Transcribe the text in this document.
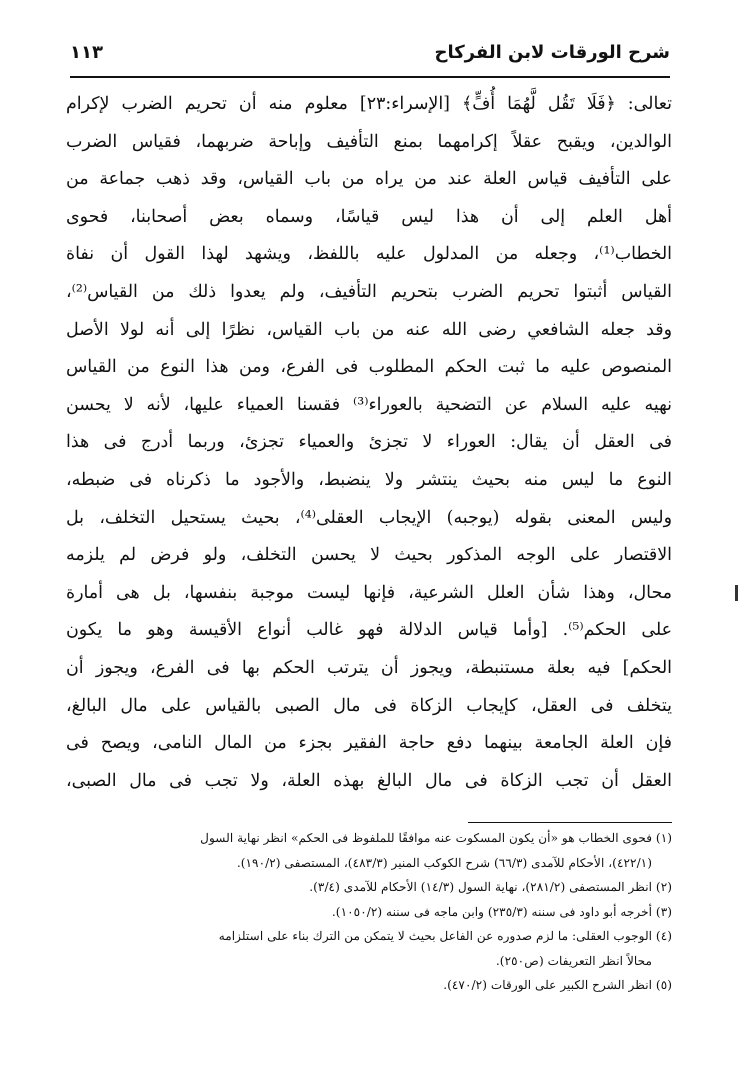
شرح الورقات لابن الفركاح
١١٣
تعالى: ﴿فَلَا تَقُل لَّهُمَا أُفٍّ﴾ [الإسراء:٢٣] معلوم منه أن تحريم الضرب لإكرام
الوالدين، ويقبح عقلاً إكرامهما بمنع التأفيف وإباحة ضربهما، فقياس الضرب
على التأفيف قياس العلة عند من يراه من باب القياس، وقد ذهب جماعة من
أهل العلم إلى أن هذا ليس قياسًا، وسماه بعض أصحابنا، فحوى
الخطاب⁽¹⁾، وجعله من المدلول عليه باللفظ، ويشهد لهذا القول أن نفاة
القياس أثبتوا تحريم الضرب بتحريم التأفيف، ولم يعدوا ذلك من القياس⁽²⁾،
وقد جعله الشافعي رضى الله عنه من باب القياس، نظرًا إلى أنه لولا الأصل
المنصوص عليه ما ثبت الحكم المطلوب فى الفرع، ومن هذا النوع من القياس
نهيه عليه السلام عن التضحية بالعوراء⁽³⁾ فقسنا العمياء عليها، لأنه لا يحسن
فى العقل أن يقال: العوراء لا تجزئ والعمياء تجزئ، وربما أدرج فى هذا
النوع ما ليس منه بحيث ينتشر ولا ينضبط، والأجود ما ذكرناه فى ضبطه،
وليس المعنى بقوله (يوجبه) الإيجاب العقلى⁽⁴⁾، بحيث يستحيل التخلف، بل
الاقتصار على الوجه المذكور بحيث لا يحسن التخلف، ولو فرض لم يلزمه
محال، وهذا شأن العلل الشرعية، فإنها ليست موجبة بنفسها، بل هى أمارة
على الحكم⁽⁵⁾. [وأما قياس الدلالة فهو غالب أنواع الأقيسة وهو ما يكون
الحكم] فيه بعلة مستنبطة، ويجوز أن يترتب الحكم بها فى الفرع، ويجوز أن
يتخلف فى العقل، كإيجاب الزكاة فى مال الصبى بالقياس على مال البالغ،
فإن العلة الجامعة بينهما دفع حاجة الفقير بجزء من المال النامى، ويصح فى
العقل أن تجب الزكاة فى مال البالغ بهذه العلة، ولا تجب فى مال الصبى،
(١) فحوى الخطاب هو «أن يكون المسكوت عنه موافقًا للملفوظ فى الحكم» انظر نهاية السول
(٤٢٢/١)، الأحكام للآمدى (٦٦/٣) شرح الكوكب المنير (٤٨٣/٣)، المستصفى (١٩٠/٢).
(٢) انظر المستصفى (٢٨١/٢)، نهاية السول (١٤/٣) الأحكام للآمدى (٣/٤).
(٣) أخرجه أبو داود فى سننه (٢٣٥/٣) وابن ماجه فى سننه (١٠٥٠/٢).
(٤) الوجوب العقلى: ما لزم صدوره عن الفاعل بحيث لا يتمكن من الترك بناء على استلزامه
محالاً انظر التعريفات (ص٢٥٠).
(٥) انظر الشرح الكبير على الورقات (٤٧٠/٢).
